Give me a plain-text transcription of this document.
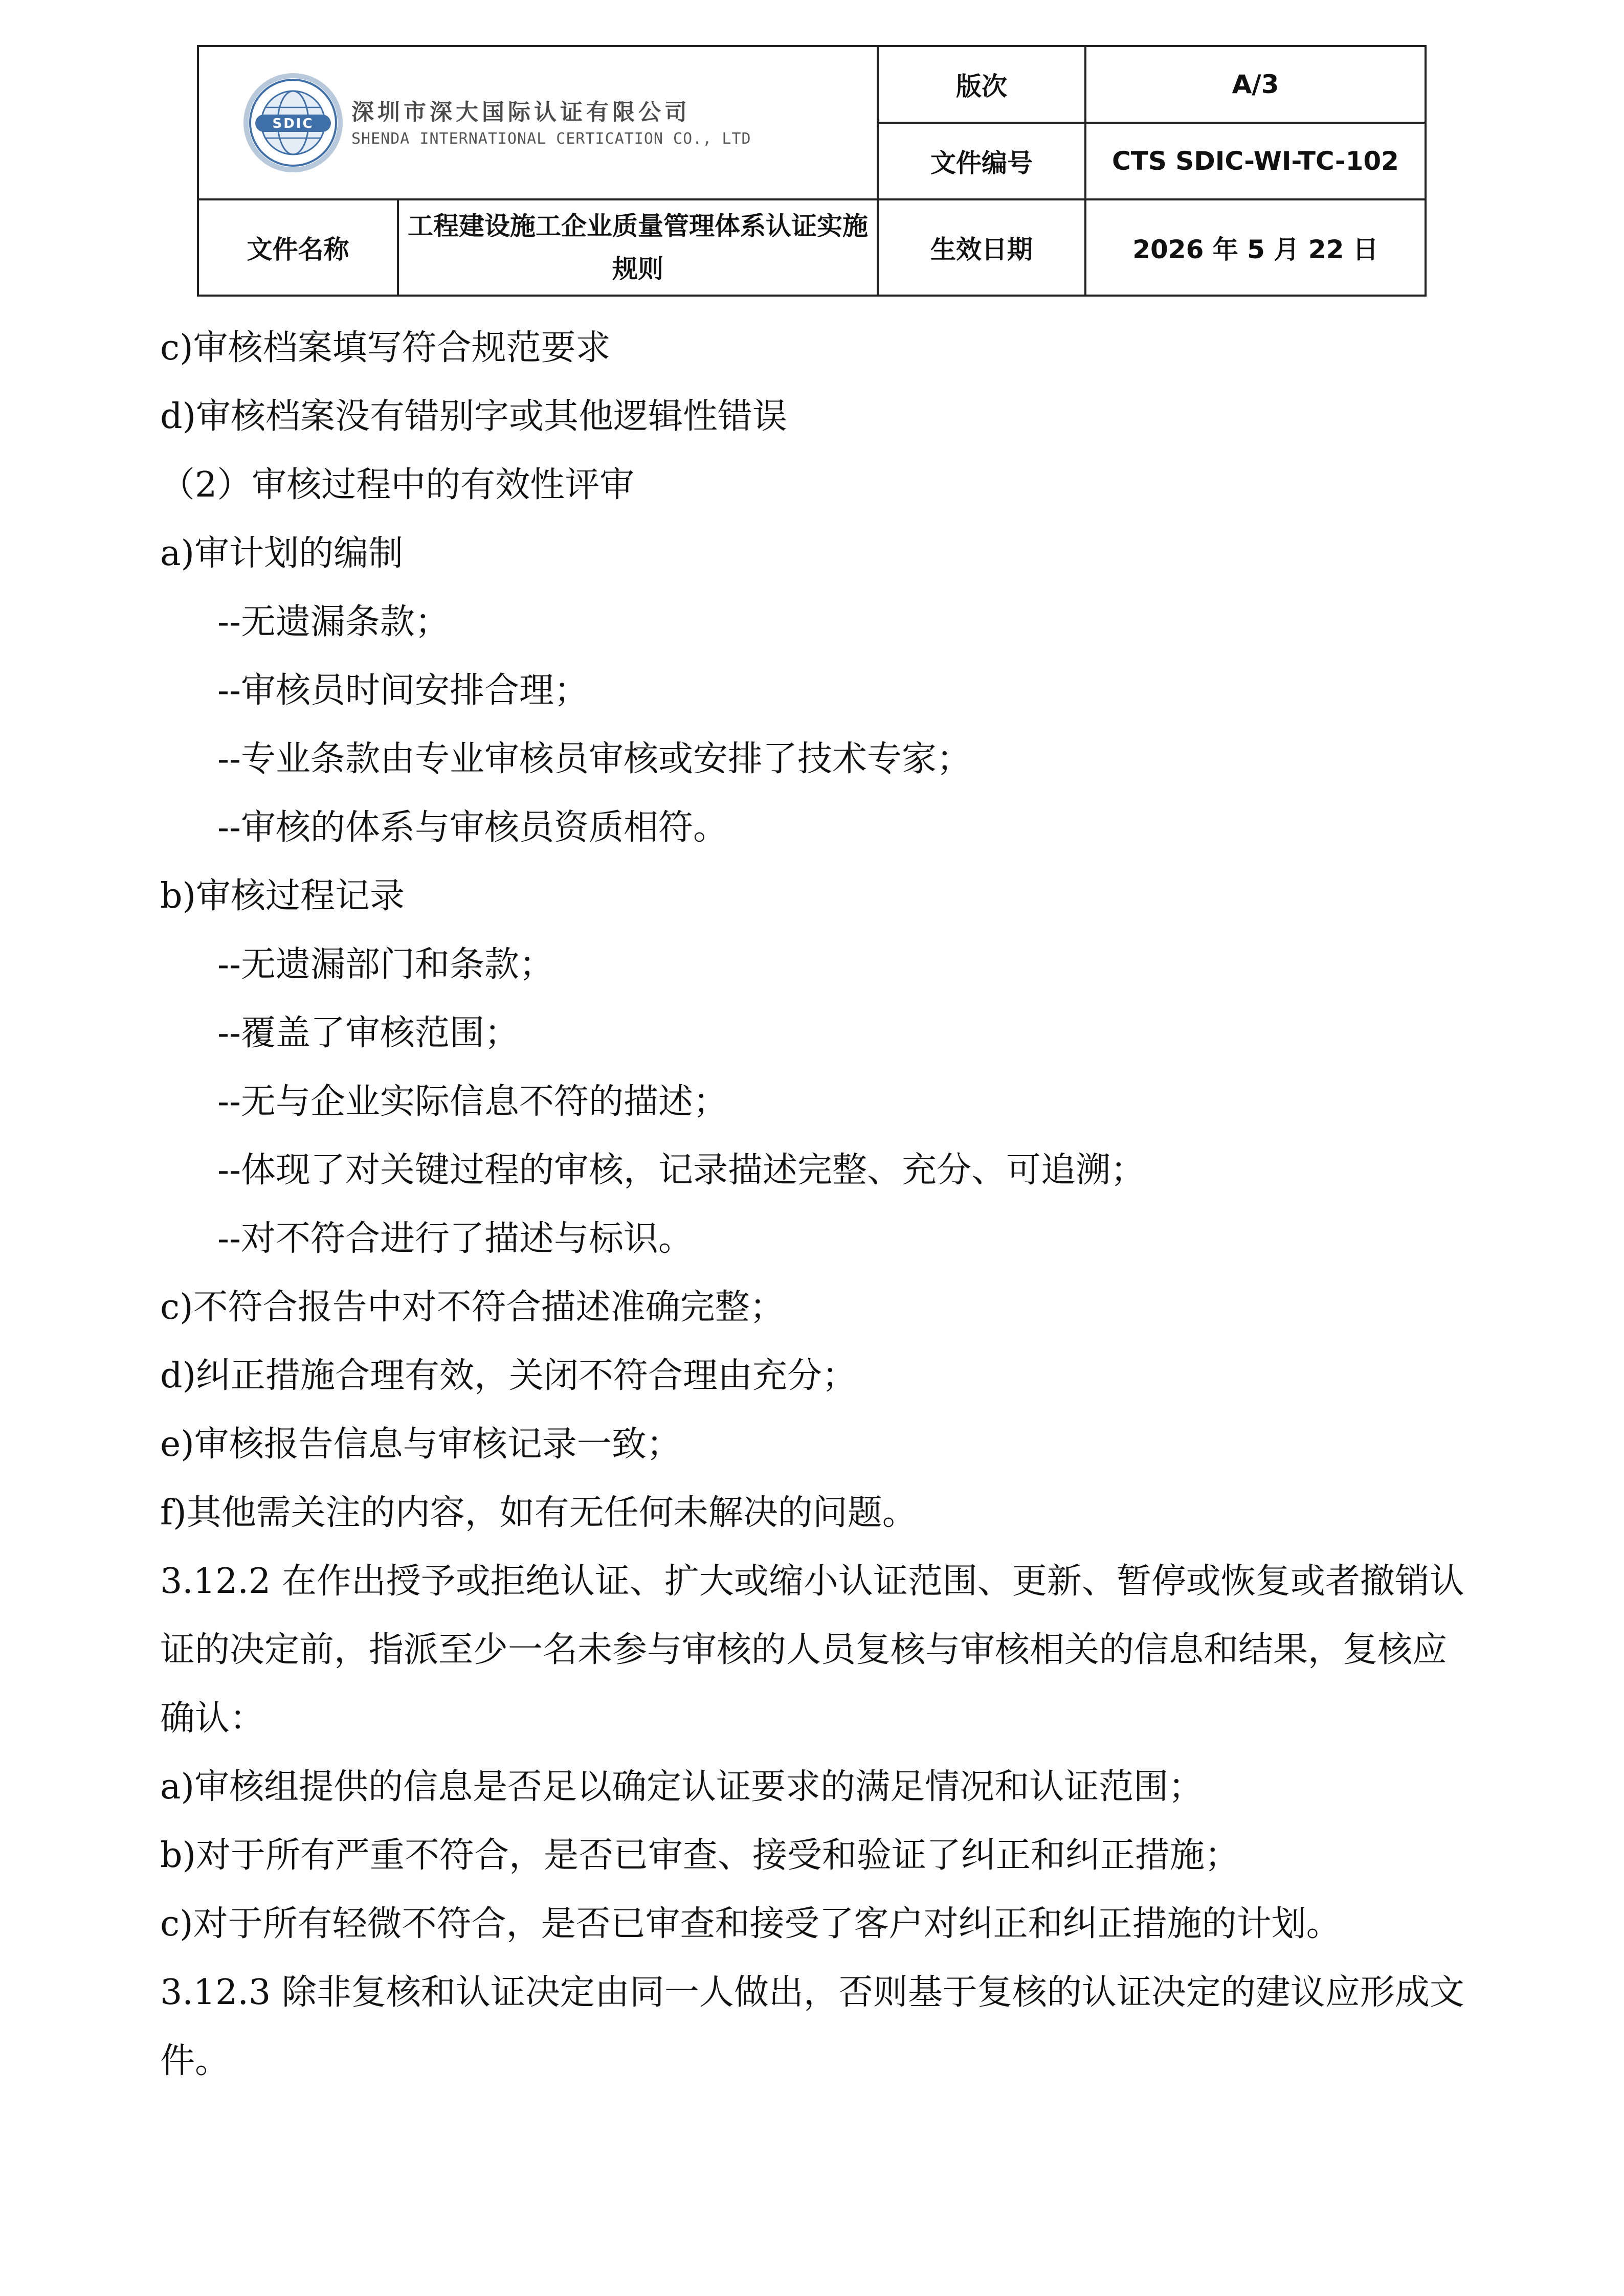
SDIC 深圳市深大国际认证有限公司
SHENDA INTERNATIONAL CERTICATION CO., LTD		版次	A/3
		文件编号	CTS SDIC-WI-TC-102
文件名称	工程建设施工企业质量管理体系认证实施规则	生效日期	2026 年 5 月 22 日
c)审核档案填写符合规范要求
d)审核档案没有错别字或其他逻辑性错误
（2）审核过程中的有效性评审
a)审计划的编制
--无遗漏条款；
--审核员时间安排合理；
--专业条款由专业审核员审核或安排了技术专家；
--审核的体系与审核员资质相符。
b)审核过程记录
--无遗漏部门和条款；
--覆盖了审核范围；
--无与企业实际信息不符的描述；
--体现了对关键过程的审核，记录描述完整、充分、可追溯；
--对不符合进行了描述与标识。
c)不符合报告中对不符合描述准确完整；
d)纠正措施合理有效，关闭不符合理由充分；
e)审核报告信息与审核记录一致；
f)其他需关注的内容，如有无任何未解决的问题。
3.12.2 在作出授予或拒绝认证、扩大或缩小认证范围、更新、暂停或恢复或者撤销认证的决定前，指派至少一名未参与审核的人员复核与审核相关的信息和结果，复核应确认：
a)审核组提供的信息是否足以确定认证要求的满足情况和认证范围；
b)对于所有严重不符合，是否已审查、接受和验证了纠正和纠正措施；
c)对于所有轻微不符合，是否已审查和接受了客户对纠正和纠正措施的计划。
3.12.3 除非复核和认证决定由同一人做出，否则基于复核的认证决定的建议应形成文件。
